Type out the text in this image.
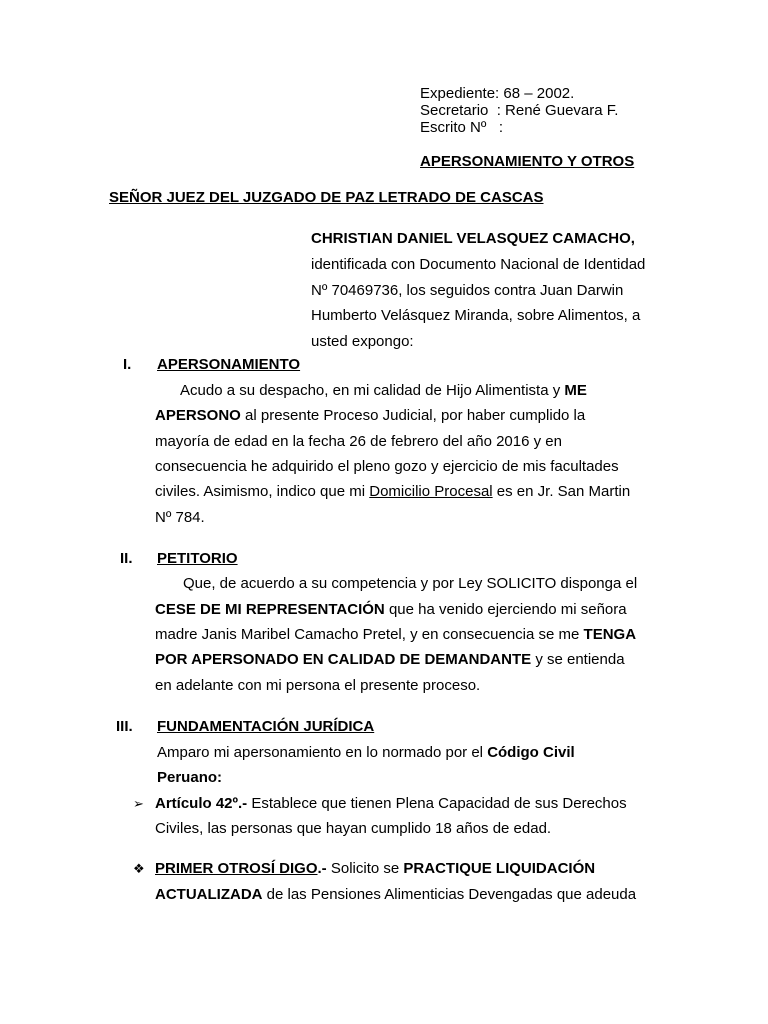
Expediente: 68 – 2002.
Secretario  : René Guevara F.
Escrito Nº   :
APERSONAMIENTO Y OTROS
SEÑOR JUEZ DEL JUZGADO DE PAZ LETRADO DE CASCAS
CHRISTIAN DANIEL VELASQUEZ CAMACHO,
identificada con Documento Nacional de Identidad
Nº 70469736, los seguidos contra Juan Darwin
Humberto Velásquez Miranda, sobre Alimentos, a
usted expongo:
I. APERSONAMIENTO
Acudo a su despacho, en mi calidad de Hijo Alimentista y ME
APERSONO al presente Proceso Judicial, por haber cumplido la
mayoría de edad en la fecha 26 de febrero del año 2016 y en
consecuencia he adquirido el pleno gozo y ejercicio de mis facultades
civiles. Asimismo, indico que mi Domicilio Procesal es en Jr. San Martin
Nº 784.
II. PETITORIO
Que, de acuerdo a su competencia y por Ley SOLICITO disponga el
CESE DE MI REPRESENTACIÓN que ha venido ejerciendo mi señora
madre Janis Maribel Camacho Pretel, y en consecuencia se me TENGA
POR APERSONADO EN CALIDAD DE DEMANDANTE y se entienda
en adelante con mi persona el presente proceso.
III. FUNDAMENTACIÓN JURÍDICA
Amparo mi apersonamiento en lo normado por el Código Civil
Peruano:
➢ Artículo 42º.- Establece que tienen Plena Capacidad de sus Derechos
Civiles, las personas que hayan cumplido 18 años de edad.
❖ PRIMER OTROSÍ DIGO.- Solicito se PRACTIQUE LIQUIDACIÓN
ACTUALIZADA de las Pensiones Alimenticias Devengadas que adeuda
